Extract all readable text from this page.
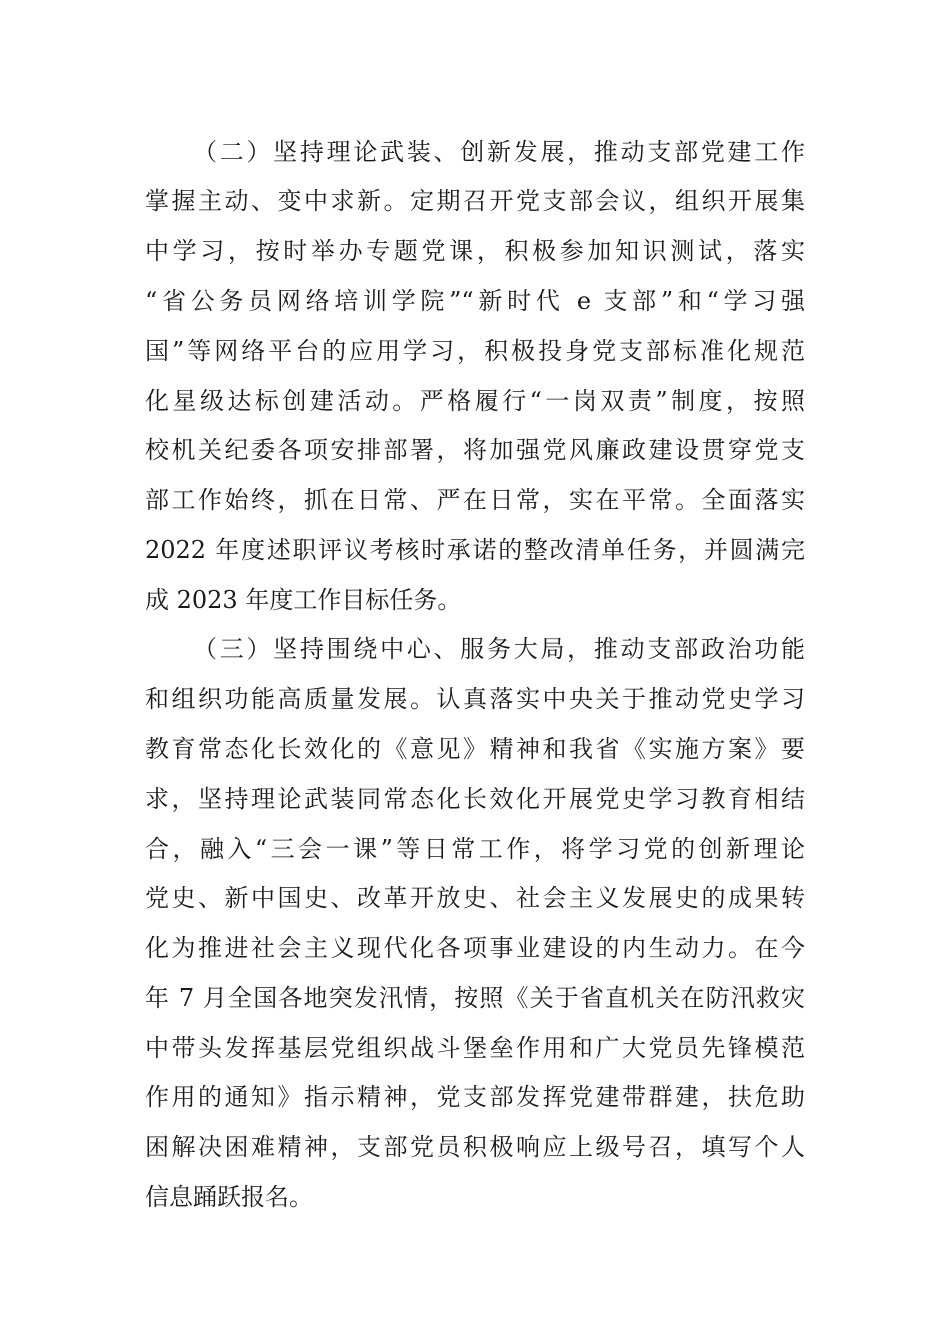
（二）坚持理论武装、创新发展，推动支部党建工作
掌握主动、变中求新。定期召开党支部会议，组织开展集
中学习，按时举办专题党课，积极参加知识测试，落实
“省公务员网络培训学院”“新时代 e 支部”和“学习强
国”等网络平台的应用学习，积极投身党支部标准化规范
化星级达标创建活动。严格履行“一岗双责”制度，按照
校机关纪委各项安排部署，将加强党风廉政建设贯穿党支
部工作始终，抓在日常、严在日常，实在平常。全面落实
2022 年度述职评议考核时承诺的整改清单任务，并圆满完
成 2023 年度工作目标任务。
（三）坚持围绕中心、服务大局，推动支部政治功能
和组织功能高质量发展。认真落实中央关于推动党史学习
教育常态化长效化的《意见》精神和我省《实施方案》要
求，坚持理论武装同常态化长效化开展党史学习教育相结
合，融入“三会一课”等日常工作，将学习党的创新理论
党史、新中国史、改革开放史、社会主义发展史的成果转
化为推进社会主义现代化各项事业建设的内生动力。在今
年 7 月全国各地突发汛情，按照《关于省直机关在防汛救灾
中带头发挥基层党组织战斗堡垒作用和广大党员先锋模范
作用的通知》指示精神，党支部发挥党建带群建，扶危助
困解决困难精神，支部党员积极响应上级号召，填写个人
信息踊跃报名。
